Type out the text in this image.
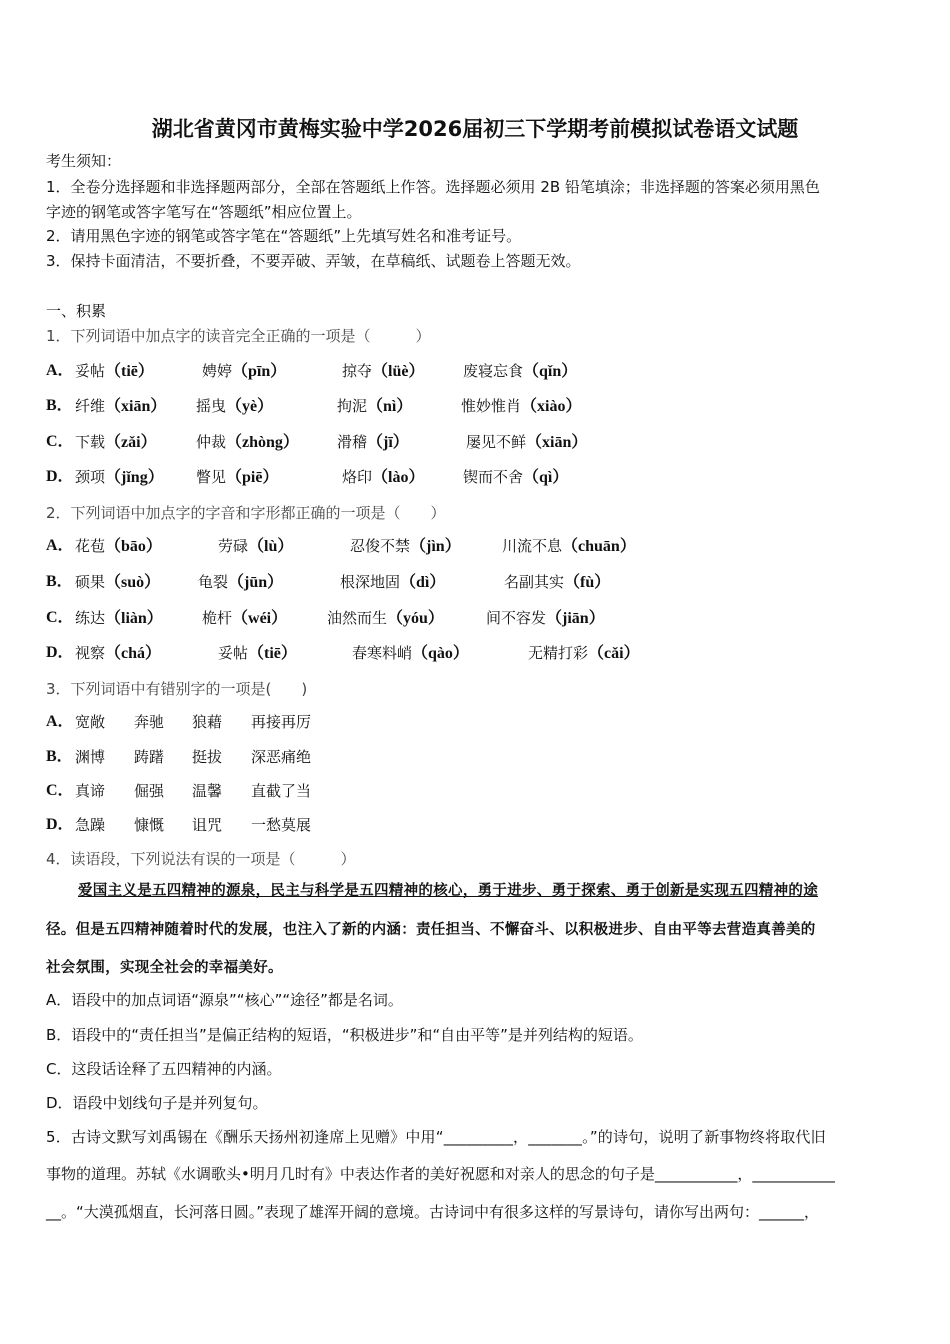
湖北省黄冈市黄梅实验中学2026届初三下学期考前模拟试卷语文试题
考生须知：
1．全卷分选择题和非选择题两部分，全部在答题纸上作答。选择题必须用 2B 铅笔填涂；非选择题的答案必须用黑色
字迹的钢笔或答字笔写在“答题纸”相应位置上。
2．请用黑色字迹的钢笔或答字笔在“答题纸”上先填写姓名和准考证号。
3．保持卡面清洁，不要折叠，不要弄破、弄皱，在草稿纸、试题卷上答题无效。
一、积累
1．下列词语中加点字的读音完全正确的一项是（　　　）
2．下列词语中加点字的字音和字形都正确的一项是（　　）
3．下列词语中有错别字的一项是(　　)
4．读语段，下列说法有误的一项是（　　　）
A． 妥帖（tiē）	娉婷（pīn）	掠夺（lüè）	废寝忘食（qǐn）
B． 纤维（xiān） 摇曳（yè）	拘泥（nì）	惟妙惟肖（xiào）
C． 下载（zǎi）	仲裁（zhòng）	滑稽（jī）	屡见不鲜（xiān）
D． 颈项（jǐng） 瞥见（piē）	烙印（lào）	锲而不舍（qì）
A． 花苞（bāo）	劳碌（lù）	忍俊不禁（jìn）	川流不息（chuān）
B． 硕果（suò）	龟裂（jūn）	根深地固（dì）	名副其实（fù）
C． 练达（liàn）	桅杆（wéi）	油然而生（yóu）	间不容发（jiān）
D． 视察（chá）	妥帖（tiē）	春寒料峭（qào）	无精打彩（cǎi）
A． 宽敞 奔驰 狼藉 再接再厉
B． 渊博 踌躇 挺拔 深恶痛绝
C． 真谛 倔强 温馨 直截了当
D． 急躁 慷慨 诅咒 一愁莫展
爱国主义是五四精神的源泉，民主与科学是五四精神的核心，勇于进步、勇于探索、勇于创新是实现五四精神的途
径。但是五四精神随着时代的发展，也注入了新的内涵：责任担当、不懈奋斗、以积极进步、自由平等去营造真善美的
社会氛围，实现全社会的幸福美好。
A．语段中的加点词语“源泉”“核心”“途径”都是名词。
B．语段中的“责任担当”是偏正结构的短语，“积极进步”和“自由平等”是并列结构的短语。
C．这段话诠释了五四精神的内涵。
D．语段中划线句子是并列复句。
5．古诗文默写刘禹锡在《酬乐天扬州初逢席上见赠》中用“_________，_______。”的诗句，说明了新事物终将取代旧
事物的道理。苏轼《水调歌头•明月几时有》中表达作者的美好祝愿和对亲人的思念的句子是___________，___________
__。“大漠孤烟直，长河落日圆。”表现了雄浑开阔的意境。古诗词中有很多这样的写景诗句，请你写出两句：______，
